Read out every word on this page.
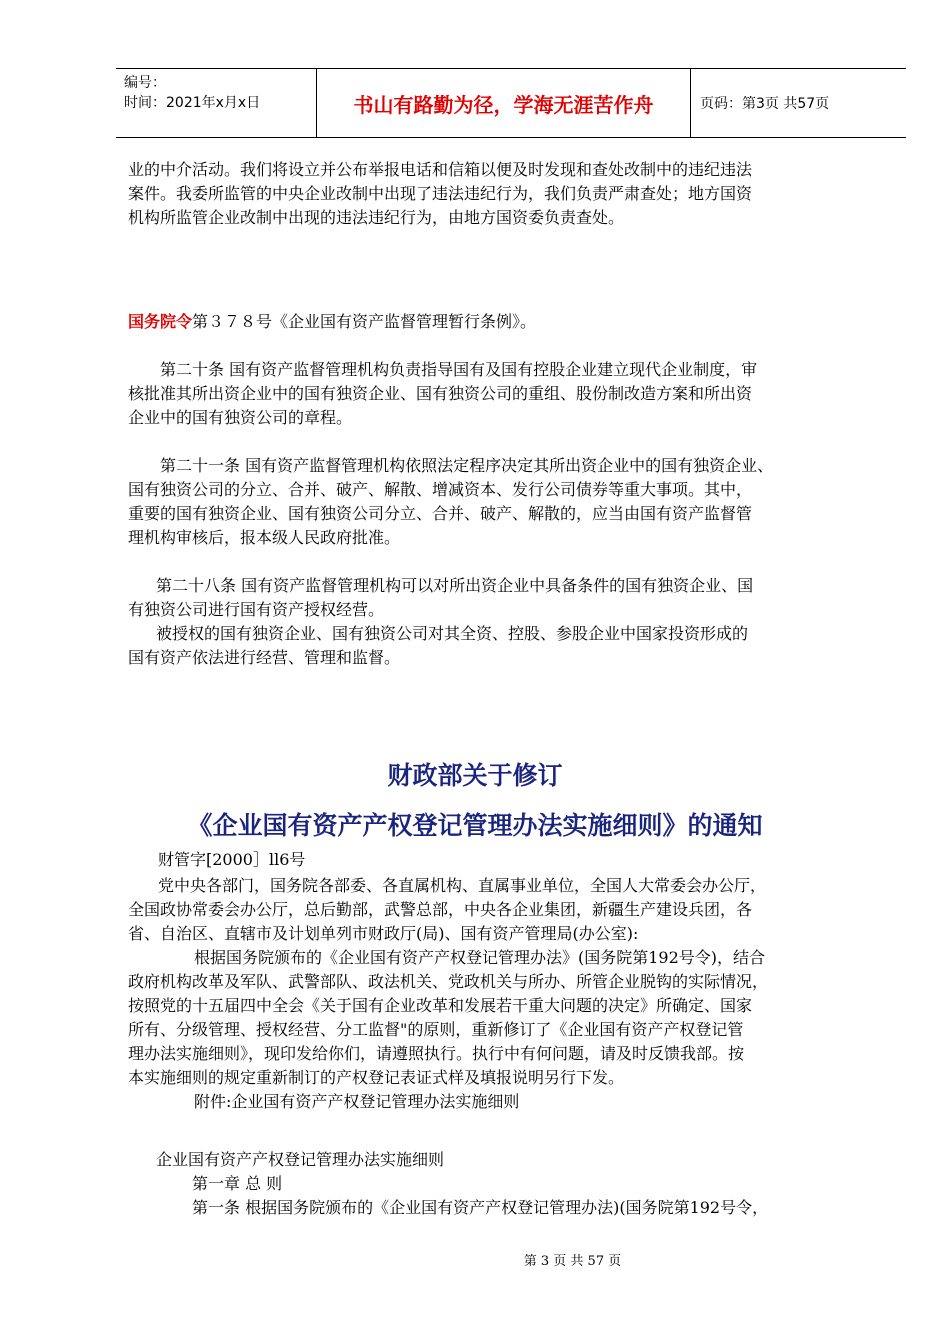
编号：
时间：2021年x月x日	书山有路勤为径，学海无涯苦作舟	页码：第3页 共57页
业的中介活动。我们将设立并公布举报电话和信箱以便及时发现和查处改制中的违纪违法
案件。我委所监管的中央企业改制中出现了违法违纪行为，我们负责严肃查处；地方国资
机构所监管企业改制中出现的违法违纪行为，由地方国资委负责查处。
国务院令第３７８号《企业国有资产监督管理暂行条例》。
第二十条 国有资产监督管理机构负责指导国有及国有控股企业建立现代企业制度，审
核批准其所出资企业中的国有独资企业、国有独资公司的重组、股份制改造方案和所出资
企业中的国有独资公司的章程。
第二十一条 国有资产监督管理机构依照法定程序决定其所出资企业中的国有独资企业、
国有独资公司的分立、合并、破产、解散、增减资本、发行公司债券等重大事项。其中，
重要的国有独资企业、国有独资公司分立、合并、破产、解散的，应当由国有资产监督管
理机构审核后，报本级人民政府批准。
第二十八条 国有资产监督管理机构可以对所出资企业中具备条件的国有独资企业、国
有独资公司进行国有资产授权经营。
被授权的国有独资企业、国有独资公司对其全资、控股、参股企业中国家投资形成的
国有资产依法进行经营、管理和监督。
财政部关于修订
《企业国有资产产权登记管理办法实施细则》的通知
财管字[2000］ll6号
党中央各部门，国务院各部委、各直属机构、直属事业单位，全国人大常委会办公厅，
全国政协常委会办公厅，总后勤部，武警总部，中央各企业集团，新疆生产建设兵团，各
省、自治区、直辖市及计划单列市财政厅(局)、国有资产管理局(办公室):
根据国务院颁布的《企业国有资产产权登记管理办法》(国务院第192号令)，结合
政府机构改革及军队、武警部队、政法机关、党政机关与所办、所管企业脱钩的实际情况，
按照党的十五届四中全会《关于国有企业改革和发展若干重大问题的决定》所确定、国家
所有、分级管理、授权经营、分工监督"的原则，重新修订了《企业国有资产产权登记管
理办法实施细则》，现印发给你们，请遵照执行。执行中有何问题，请及时反馈我部。按
本实施细则的规定重新制订的产权登记表证式样及填报说明另行下发。
附件:企业国有资产产权登记管理办法实施细则
企业国有资产产权登记管理办法实施细则
第一章 总 则
第一条 根据国务院颁布的《企业国有资产产权登记管理办法)(国务院第192号令，
第 3 页 共 57 页
